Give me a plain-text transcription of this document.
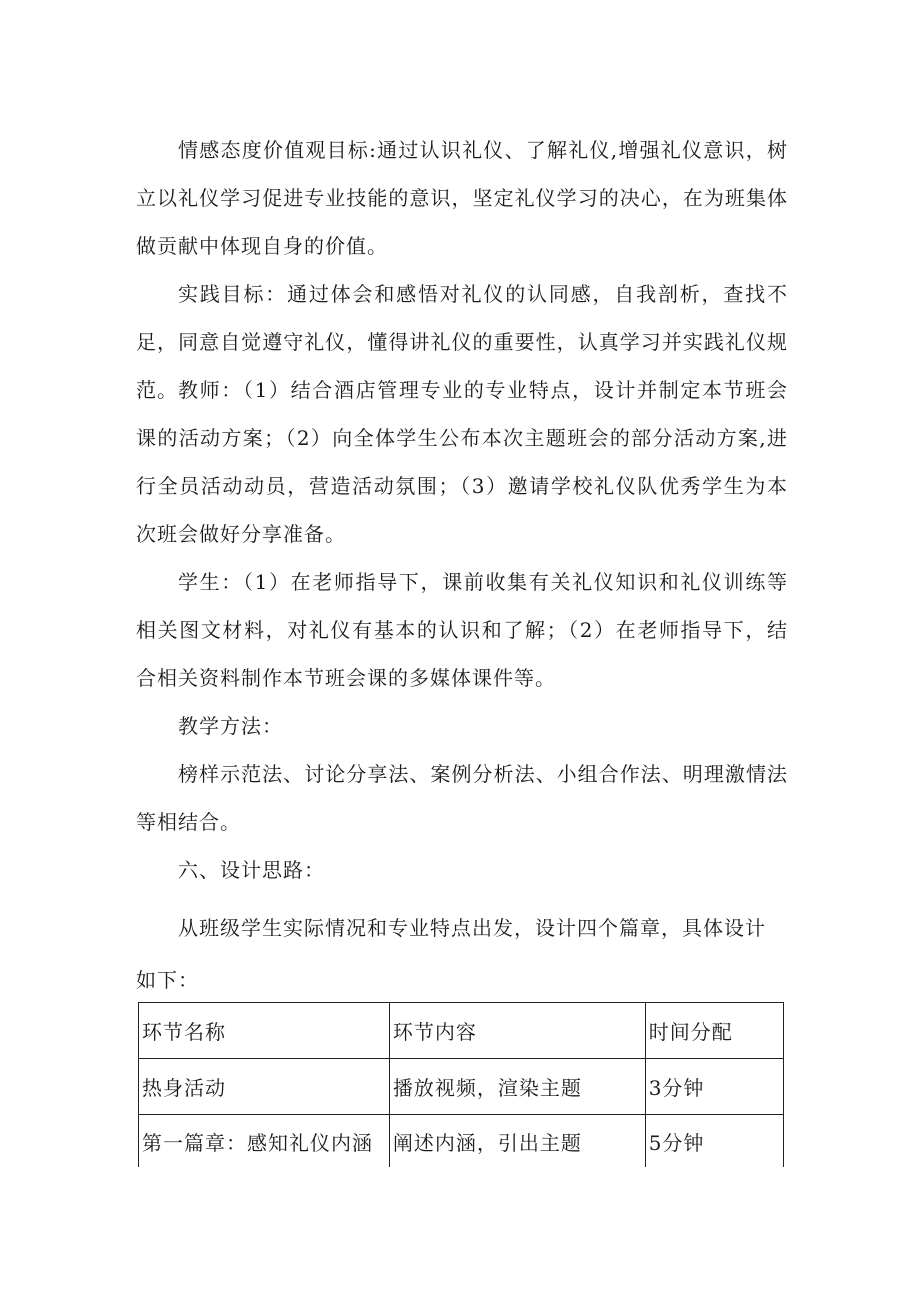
情感态度价值观目标:通过认识礼仪、了解礼仪,增强礼仪意识，树立以礼仪学习促进专业技能的意识，坚定礼仪学习的决心，在为班集体做贡献中体现自身的价值。

实践目标：通过体会和感悟对礼仪的认同感，自我剖析，查找不足，同意自觉遵守礼仪，懂得讲礼仪的重要性，认真学习并实践礼仪规范。 教师：（1）结合酒店管理专业的专业特点，设计并制定本节班会课的活动方案；（2）向全体学生公布本次主题班会的部分活动方案,进行全员活动动员，营造活动氛围；（3）邀请学校礼仪队优秀学生为本次班会做好分享准备。

学生：（1）在老师指导下，课前收集有关礼仪知识和礼仪训练等相关图文材料，对礼仪有基本的认识和了解；（2）在老师指导下，结合相关资料制作本节班会课的多媒体课件等。

教学方法：

榜样示范法、讨论分享法、案例分析法、小组合作法、明理激情法等相结合。

六、设计思路：

从班级学生实际情况和专业特点出发，设计四个篇章，具体设计

如下：

环节名称	环节内容	时间分配
热身活动	播放视频，渲染主题	3分钟
第一篇章：感知礼仪内涵	阐述内涵，引出主题	5分钟
